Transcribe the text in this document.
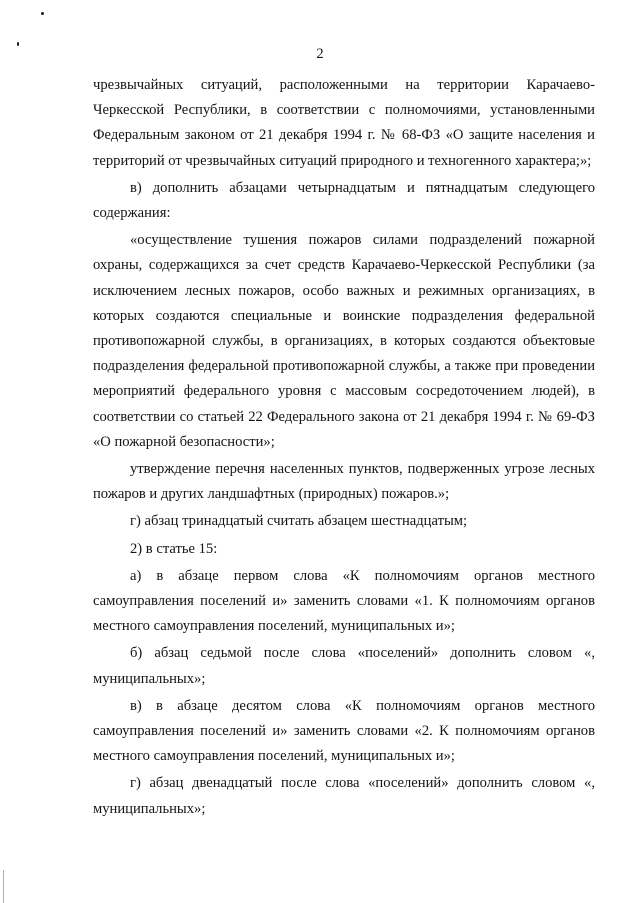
2
чрезвычайных ситуаций, расположенными на территории Карачаево- Черкесской Республики, в соответствии с полномочиями, установленными Федеральным законом от 21 декабря 1994 г. № 68-ФЗ «О защите населения и территорий от чрезвычайных ситуаций природного и техногенного характера;»;
в) дополнить абзацами четырнадцатым и пятнадцатым следующего содержания:
«осуществление тушения пожаров силами подразделений пожарной охраны, содержащихся за счет средств Карачаево-Черкесской Республики (за исключением лесных пожаров, особо важных и режимных организациях, в которых создаются специальные и воинские подразделения федеральной противопожарной службы, в организациях, в которых создаются объектовые подразделения федеральной противопожарной службы, а также при проведении мероприятий федерального уровня с массовым сосредоточением людей), в соответствии со статьей 22 Федерального закона от 21 декабря 1994 г. № 69-ФЗ «О пожарной безопасности»;
утверждение перечня населенных пунктов, подверженных угрозе лесных пожаров и других ландшафтных (природных) пожаров.»;
г) абзац тринадцатый считать абзацем шестнадцатым;
2) в статье 15:
а) в абзаце первом слова «К полномочиям органов местного самоуправления поселений и» заменить словами «1. К полномочиям органов местного самоуправления поселений, муниципальных и»;
б) абзац седьмой после слова «поселений» дополнить словом «, муниципальных»;
в) в абзаце десятом слова «К полномочиям органов местного самоуправления поселений и» заменить словами «2. К полномочиям органов местного самоуправления поселений, муниципальных и»;
г) абзац двенадцатый после слова «поселений» дополнить словом «, муниципальных»;
